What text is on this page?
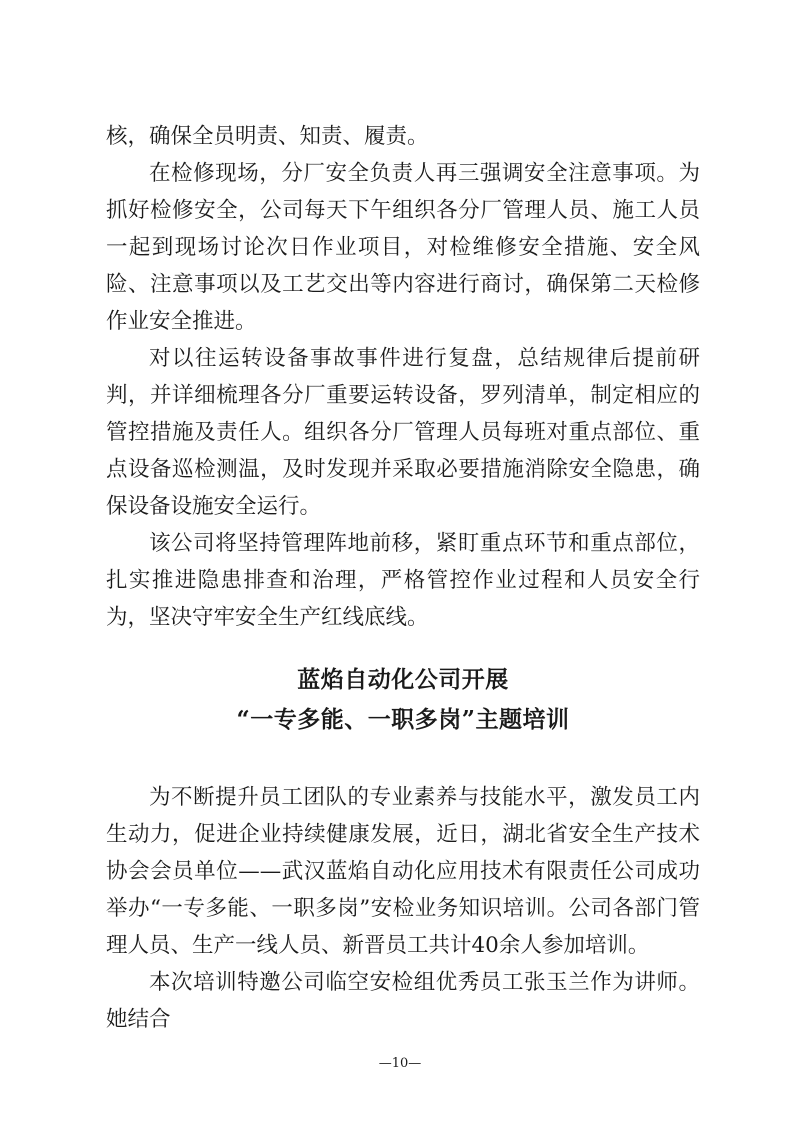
核，确保全员明责、知责、履责。

在检修现场，分厂安全负责人再三强调安全注意事项。为抓好检修安全，公司每天下午组织各分厂管理人员、施工人员一起到现场讨论次日作业项目，对检维修安全措施、安全风险、注意事项以及工艺交出等内容进行商讨，确保第二天检修作业安全推进。

对以往运转设备事故事件进行复盘，总结规律后提前研判，并详细梳理各分厂重要运转设备，罗列清单，制定相应的管控措施及责任人。组织各分厂管理人员每班对重点部位、重点设备巡检测温，及时发现并采取必要措施消除安全隐患，确保设备设施安全运行。

该公司将坚持管理阵地前移，紧盯重点环节和重点部位，扎实推进隐患排查和治理，严格管控作业过程和人员安全行为，坚决守牢安全生产红线底线。

蓝焰自动化公司开展
“一专多能、一职多岗”主题培训

为不断提升员工团队的专业素养与技能水平，激发员工内生动力，促进企业持续健康发展，近日，湖北省安全生产技术协会会员单位——武汉蓝焰自动化应用技术有限责任公司成功举办“一专多能、一职多岗”安检业务知识培训。公司各部门管理人员、生产一线人员、新晋员工共计40余人参加培训。

本次培训特邀公司临空安检组优秀员工张玉兰作为讲师。她结合

—10—
